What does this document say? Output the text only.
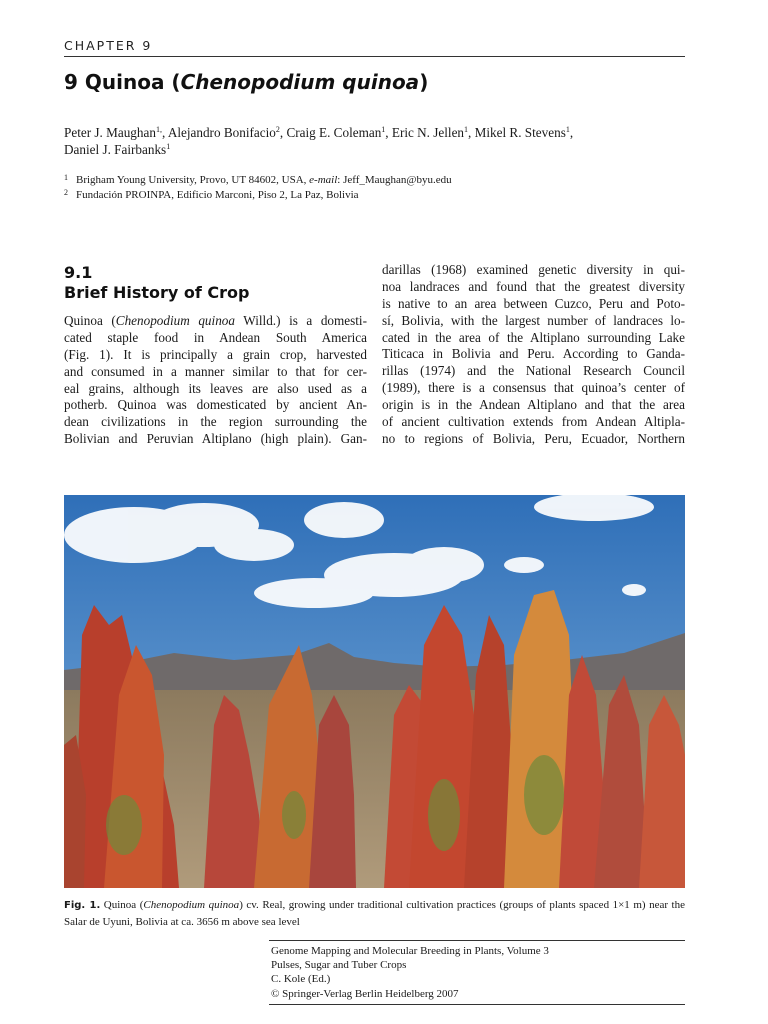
CHAPTER 9
9 Quinoa (Chenopodium quinoa)
Peter J. Maughan$^{1,}$, Alejandro Bonifacio$^2$, Craig E. Coleman$^1$, Eric N. Jellen$^1$, Mikel R. Stevens$^1$,
Daniel J. Fairbanks$^1$
1 Brigham Young University, Provo, UT 84602, USA, e-mail: Jeff_Maughan@byu.edu
2 Fundación PROINPA, Edificio Marconi, Piso 2, La Paz, Bolivia
9.1
Brief History of Crop
Quinoa (Chenopodium quinoa Willd.) is a domesti-
cated staple food in Andean South America
(Fig. 1). It is principally a grain crop, harvested
and consumed in a manner similar to that for cer-
eal grains, although its leaves are also used as a
potherb. Quinoa was domesticated by ancient An-
dean civilizations in the region surrounding the
Bolivian and Peruvian Altiplano (high plain). Gan-
darillas (1968) examined genetic diversity in qui-
noa landraces and found that the greatest diversity
is native to an area between Cuzco, Peru and Poto-
sí, Bolivia, with the largest number of landraces lo-
cated in the area of the Altiplano surrounding Lake
Titicaca in Bolivia and Peru. According to Ganda-
rillas (1974) and the National Research Council
(1989), there is a consensus that quinoa’s center of
origin is in the Andean Altiplano and that the area
of ancient cultivation extends from Andean Altipla-
no to regions of Bolivia, Peru, Ecuador, Northern
Fig. 1. Quinoa (Chenopodium quinoa) cv. Real, growing under traditional cultivation practices (groups of plants spaced 1×1 m) near the Salar de Uyuni, Bolivia at ca. 3656 m above sea level
Genome Mapping and Molecular Breeding in Plants, Volume 3
Pulses, Sugar and Tuber Crops
C. Kole (Ed.)
© Springer-Verlag Berlin Heidelberg 2007
